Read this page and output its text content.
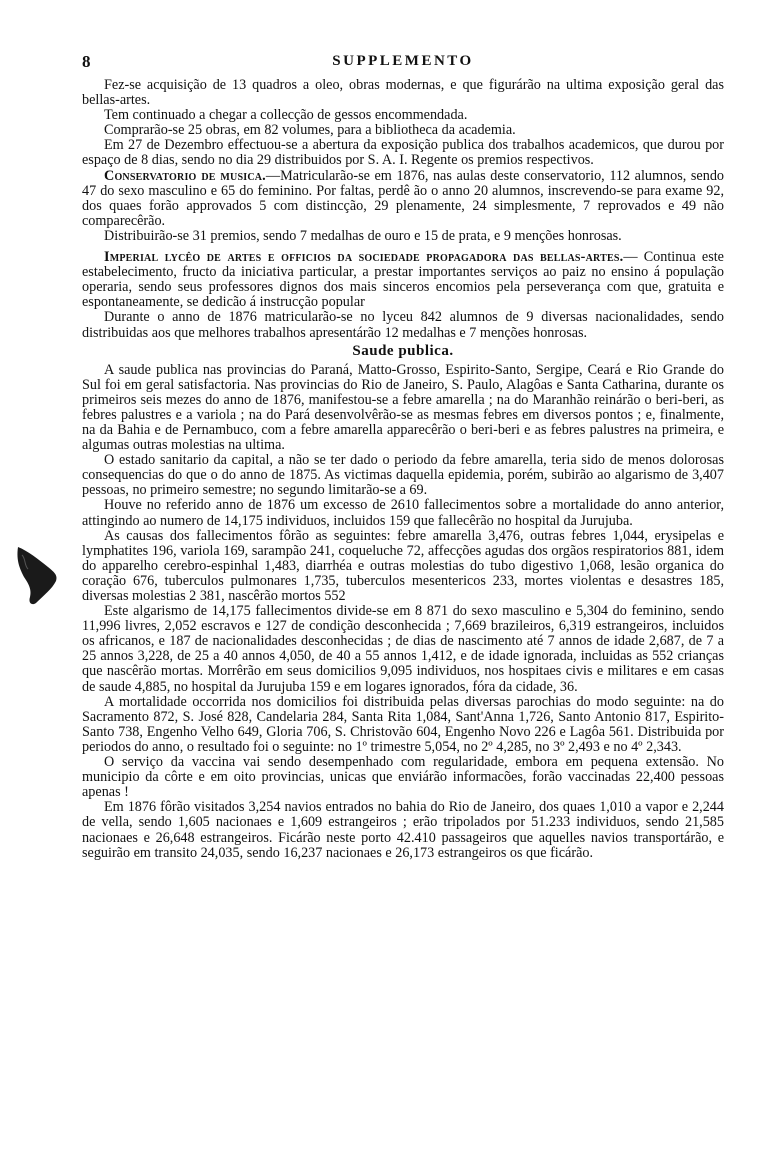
8	SUPPLEMENTO

Fez-se acquisição de 13 quadros a oleo, obras modernas, e que figurárão na ultima exposição geral das bellas-artes.

Tem continuado a chegar a collecção de gessos encommendada.

Comprarão-se 25 obras, em 82 volumes, para a bibliotheca da academia.

Em 27 de Dezembro effectuou-se a abertura da exposição publica dos trabalhos academicos, que durou por espaço de 8 dias, sendo no dia 29 distribuidos por S. A. I. Regente os premios respectivos.

Conservatorio de musica.—Matricularão-se em 1876, nas aulas deste conservatorio, 112 alumnos, sendo 47 do sexo masculino e 65 do feminino. Por faltas, perdê ão o anno 20 alumnos, inscrevendo-se para exame 92, dos quaes forão approvados 5 com distincção, 29 plenamente, 24 simplesmente, 7 reprovados e 49 não comparecêrão.

Distribuirão-se 31 premios, sendo 7 medalhas de ouro e 15 de prata, e 9 menções honrosas.

Imperial lycêo de artes e officios da sociedade propagadora das bellas-artes.— Continua este estabelecimento, fructo da iniciativa particular, a prestar importantes serviços ao paiz no ensino á população operaria, sendo seus professores dignos dos mais sinceros encomios pela perseverança com que, gratuita e espontaneamente, se dedicão á instrucção popular

Durante o anno de 1876 matricularão-se no lyceu 842 alumnos de 9 diversas nacionalidades, sendo distribuidas aos que melhores trabalhos apresentárão 12 medalhas e 7 menções honrosas.

Saude publica.

A saude publica nas provincias do Paraná, Matto-Grosso, Espirito-Santo, Sergipe, Ceará e Rio Grande do Sul foi em geral satisfactoria. Nas provincias do Rio de Janeiro, S. Paulo, Alagôas e Santa Catharina, durante os primeiros seis mezes do anno de 1876, manifestou-se a febre amarella ; na do Maranhão reinárão o beri-beri, as febres palustres e a variola ; na do Pará desenvolvêrão-se as mesmas febres em diversos pontos ; e, finalmente, na da Bahia e de Pernambuco, com a febre amarella apparecêrão o beri-beri e as febres palustres na primeira, e algumas outras molestias na ultima.

O estado sanitario da capital, a não se ter dado o periodo da febre amarella, teria sido de menos dolorosas consequencias do que o do anno de 1875. As victimas daquella epidemia, porém, subirão ao algarismo de 3,407 pessoas, no primeiro semestre; no segundo limitarão-se a 69.

Houve no referido anno de 1876 um excesso de 2610 fallecimentos sobre a mortalidade do anno anterior, attingindo ao numero de 14,175 individuos, incluidos 159 que fallecêrão no hospital da Jurujuba.

As causas dos fallecimentos fôrão as seguintes: febre amarella 3,476, outras febres 1,044, erysipelas e lymphatites 196, variola 169, sarampão 241, coqueluche 72, affecções agudas dos orgãos respiratorios 881, idem do apparelho cerebro-espinhal 1,483, diarrhéa e outras molestias do tubo digestivo 1,068, lesão organica do coração 676, tuberculos pulmonares 1,735, tuberculos mesentericos 233, mortes violentas e desastres 185, diversas molestias 2 381, nascêrão mortos 552

Este algarismo de 14,175 fallecimentos divide-se em 8 871 do sexo masculino e 5,304 do feminino, sendo 11,996 livres, 2,052 escravos e 127 de condição desconhecida ; 7,669 brazileiros, 6,319 estrangeiros, incluidos os africanos, e 187 de nacionalidades desconhecidas ; de dias de nascimento até 7 annos de idade 2,687, de 7 a 25 annos 3,228, de 25 a 40 annos 4,050, de 40 a 55 annos 1,412, e de idade ignorada, incluidas as 552 crianças que nascêrão mortas. Morrêrão em seus domicilios 9,095 individuos, nos hospitaes civis e militares e em casas de saude 4,885, no hospital da Jurujuba 159 e em logares ignorados, fóra da cidade, 36.

A mortalidade occorrida nos domicilios foi distribuida pelas diversas parochias do modo seguinte: na do Sacramento 872, S. José 828, Candelaria 284, Santa Rita 1,084, Sant'Anna 1,726, Santo Antonio 817, Espirito-Santo 738, Engenho Velho 649, Gloria 706, S. Christovão 604, Engenho Novo 226 e Lagôa 561. Distribuida por periodos do anno, o resultado foi o seguinte: no 1º trimestre 5,054, no 2º 4,285, no 3º 2,493 e no 4º 2,343.

O serviço da vaccina vai sendo desempenhado com regularidade, embora em pequena extensão. No municipio da côrte e em oito provincias, unicas que enviárão informacões, forão vaccinadas 22,400 pessoas apenas !

Em 1876 fôrão visitados 3,254 navios entrados no bahia do Rio de Janeiro, dos quaes 1,010 a vapor e 2,244 de vella, sendo 1,605 nacionaes e 1,609 estrangeiros ; erão tripolados por 51.233 individuos, sendo 21,585 nacionaes e 26,648 estrangeiros. Ficárão neste porto 42.410 passageiros que aquelles navios transportárão, e seguirão em transito 24,035, sendo 16,237 nacionaes e 26,173 estrangeiros os que ficárão.
